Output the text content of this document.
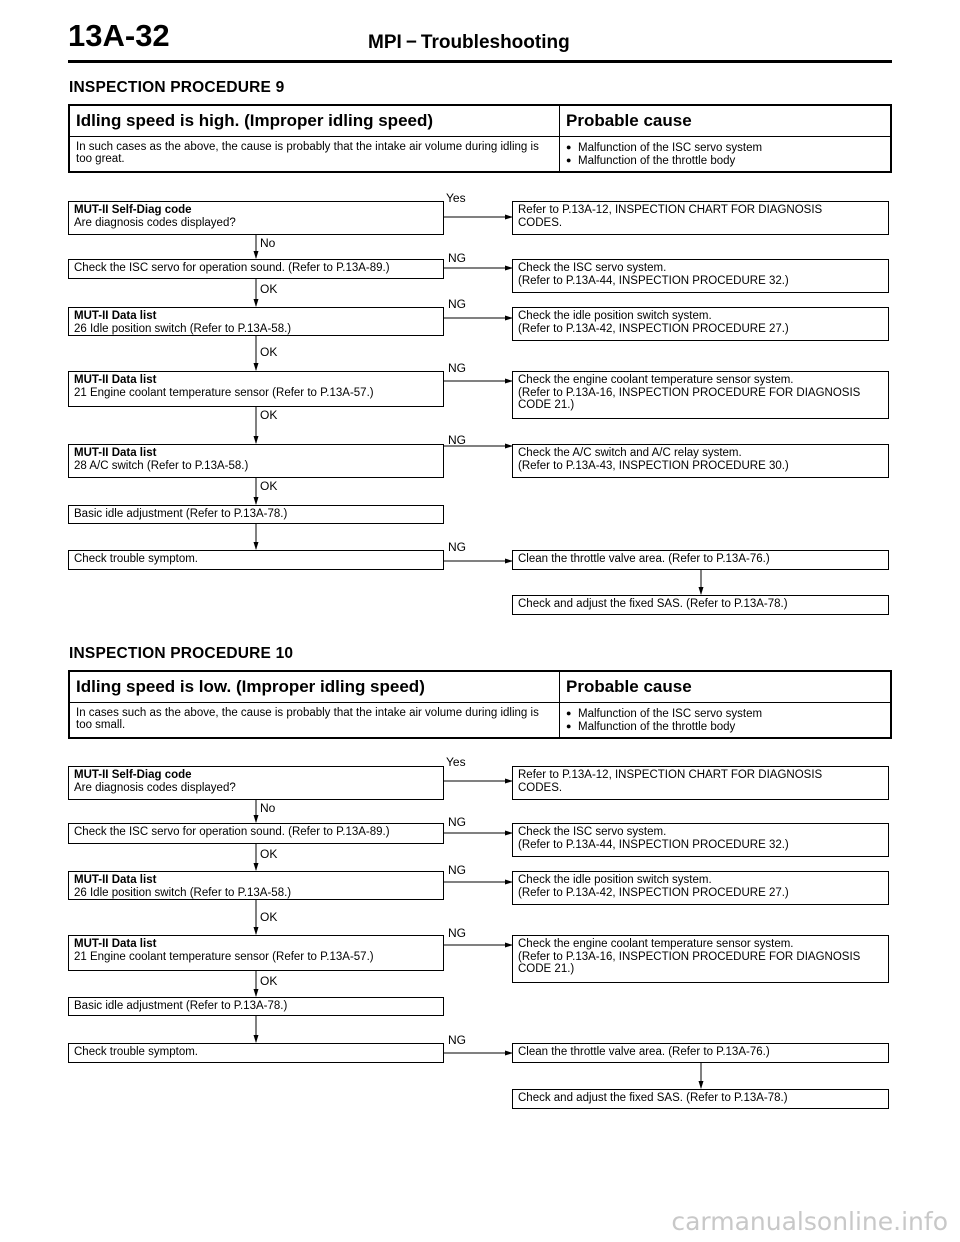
13A-32	MPI − Troubleshooting
INSPECTION PROCEDURE 9
Idling speed is high. (Improper idling speed)	Probable cause
In such cases as the above, the cause is probably that the intake air volume during idling is too great.
● Malfunction of the ISC servo system
● Malfunction of the throttle body
MUT-II Self-Diag code
Are diagnosis codes displayed?
Check the ISC servo for operation sound. (Refer to P.13A-89.)
MUT-II Data list
26 Idle position switch (Refer to P.13A-58.)
MUT-II Data list
21 Engine coolant temperature sensor (Refer to P.13A-57.)
MUT-II Data list
28 A/C switch (Refer to P.13A-58.)
Basic idle adjustment (Refer to P.13A-78.)
Check trouble symptom.
Refer to P.13A-12, INSPECTION CHART FOR DIAGNOSIS
CODES.
Check the ISC servo system.
(Refer to P.13A-44, INSPECTION PROCEDURE 32.)
Check the idle position switch system.
(Refer to P.13A-42, INSPECTION PROCEDURE 27.)
Check the engine coolant temperature sensor system.
(Refer to P.13A-16, INSPECTION PROCEDURE FOR DIAGNOSIS
CODE 21.)
Check the A/C switch and A/C relay system.
(Refer to P.13A-43, INSPECTION PROCEDURE 30.)
Clean the throttle valve area. (Refer to P.13A-76.)
Check and adjust the fixed SAS. (Refer to P.13A-78.)
Yes
No
NG
OK
NG
OK
NG
OK
NG
OK
NG
INSPECTION PROCEDURE 10
Idling speed is low. (Improper idling speed)	Probable cause
In cases such as the above, the cause is probably that the intake air volume during idling is too small.
● Malfunction of the ISC servo system
● Malfunction of the throttle body
MUT-II Self-Diag code
Are diagnosis codes displayed?
Check the ISC servo for operation sound. (Refer to P.13A-89.)
MUT-II Data list
26 Idle position switch (Refer to P.13A-58.)
MUT-II Data list
21 Engine coolant temperature sensor (Refer to P.13A-57.)
Basic idle adjustment (Refer to P.13A-78.)
Check trouble symptom.
Refer to P.13A-12, INSPECTION CHART FOR DIAGNOSIS
CODES.
Check the ISC servo system.
(Refer to P.13A-44, INSPECTION PROCEDURE 32.)
Check the idle position switch system.
(Refer to P.13A-42, INSPECTION PROCEDURE 27.)
Check the engine coolant temperature sensor system.
(Refer to P.13A-16, INSPECTION PROCEDURE FOR DIAGNOSIS
CODE 21.)
Clean the throttle valve area. (Refer to P.13A-76.)
Check and adjust the fixed SAS. (Refer to P.13A-78.)
Yes
No
NG
OK
NG
OK
NG
OK
NG
carmanualsonline.info
